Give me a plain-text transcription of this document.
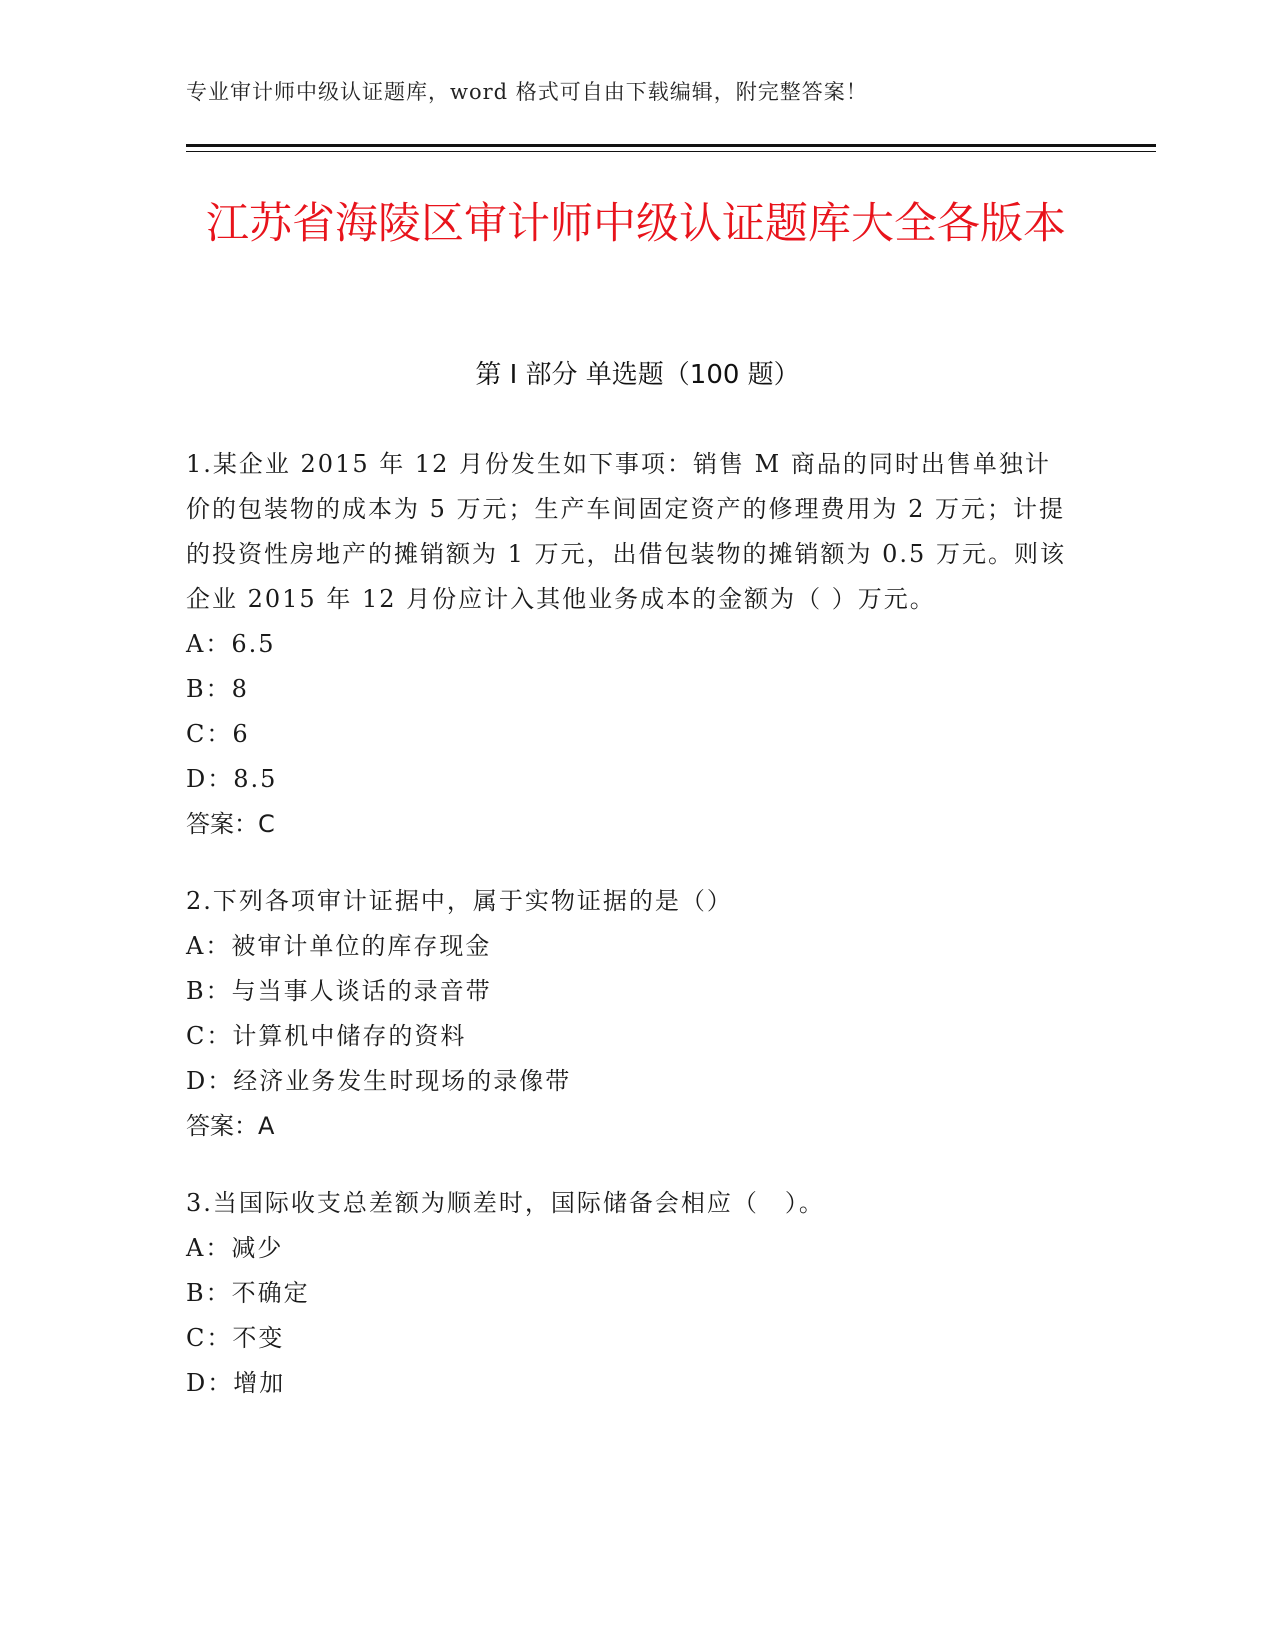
专业审计师中级认证题库，word 格式可自由下载编辑，附完整答案！
江苏省海陵区审计师中级认证题库大全各版本
第 I 部分 单选题（100 题）

1.某企业 2015 年 12 月份发生如下事项：销售 M 商品的同时出售单独计价的包装物的成本为 5 万元；生产车间固定资产的修理费用为 2 万元；计提的投资性房地产的摊销额为 1 万元，出借包装物的摊销额为 0.5 万元。则该企业 2015 年 12 月份应计入其他业务成本的金额为（ ）万元。

A：6.5

B：8

C：6

D：8.5

答案：C

2.下列各项审计证据中，属于实物证据的是（）

A：被审计单位的库存现金

B：与当事人谈话的录音带

C：计算机中储存的资料

D：经济业务发生时现场的录像带

答案：A

3.当国际收支总差额为顺差时，国际储备会相应（　）。

A：减少

B：不确定

C：不变

D：增加
